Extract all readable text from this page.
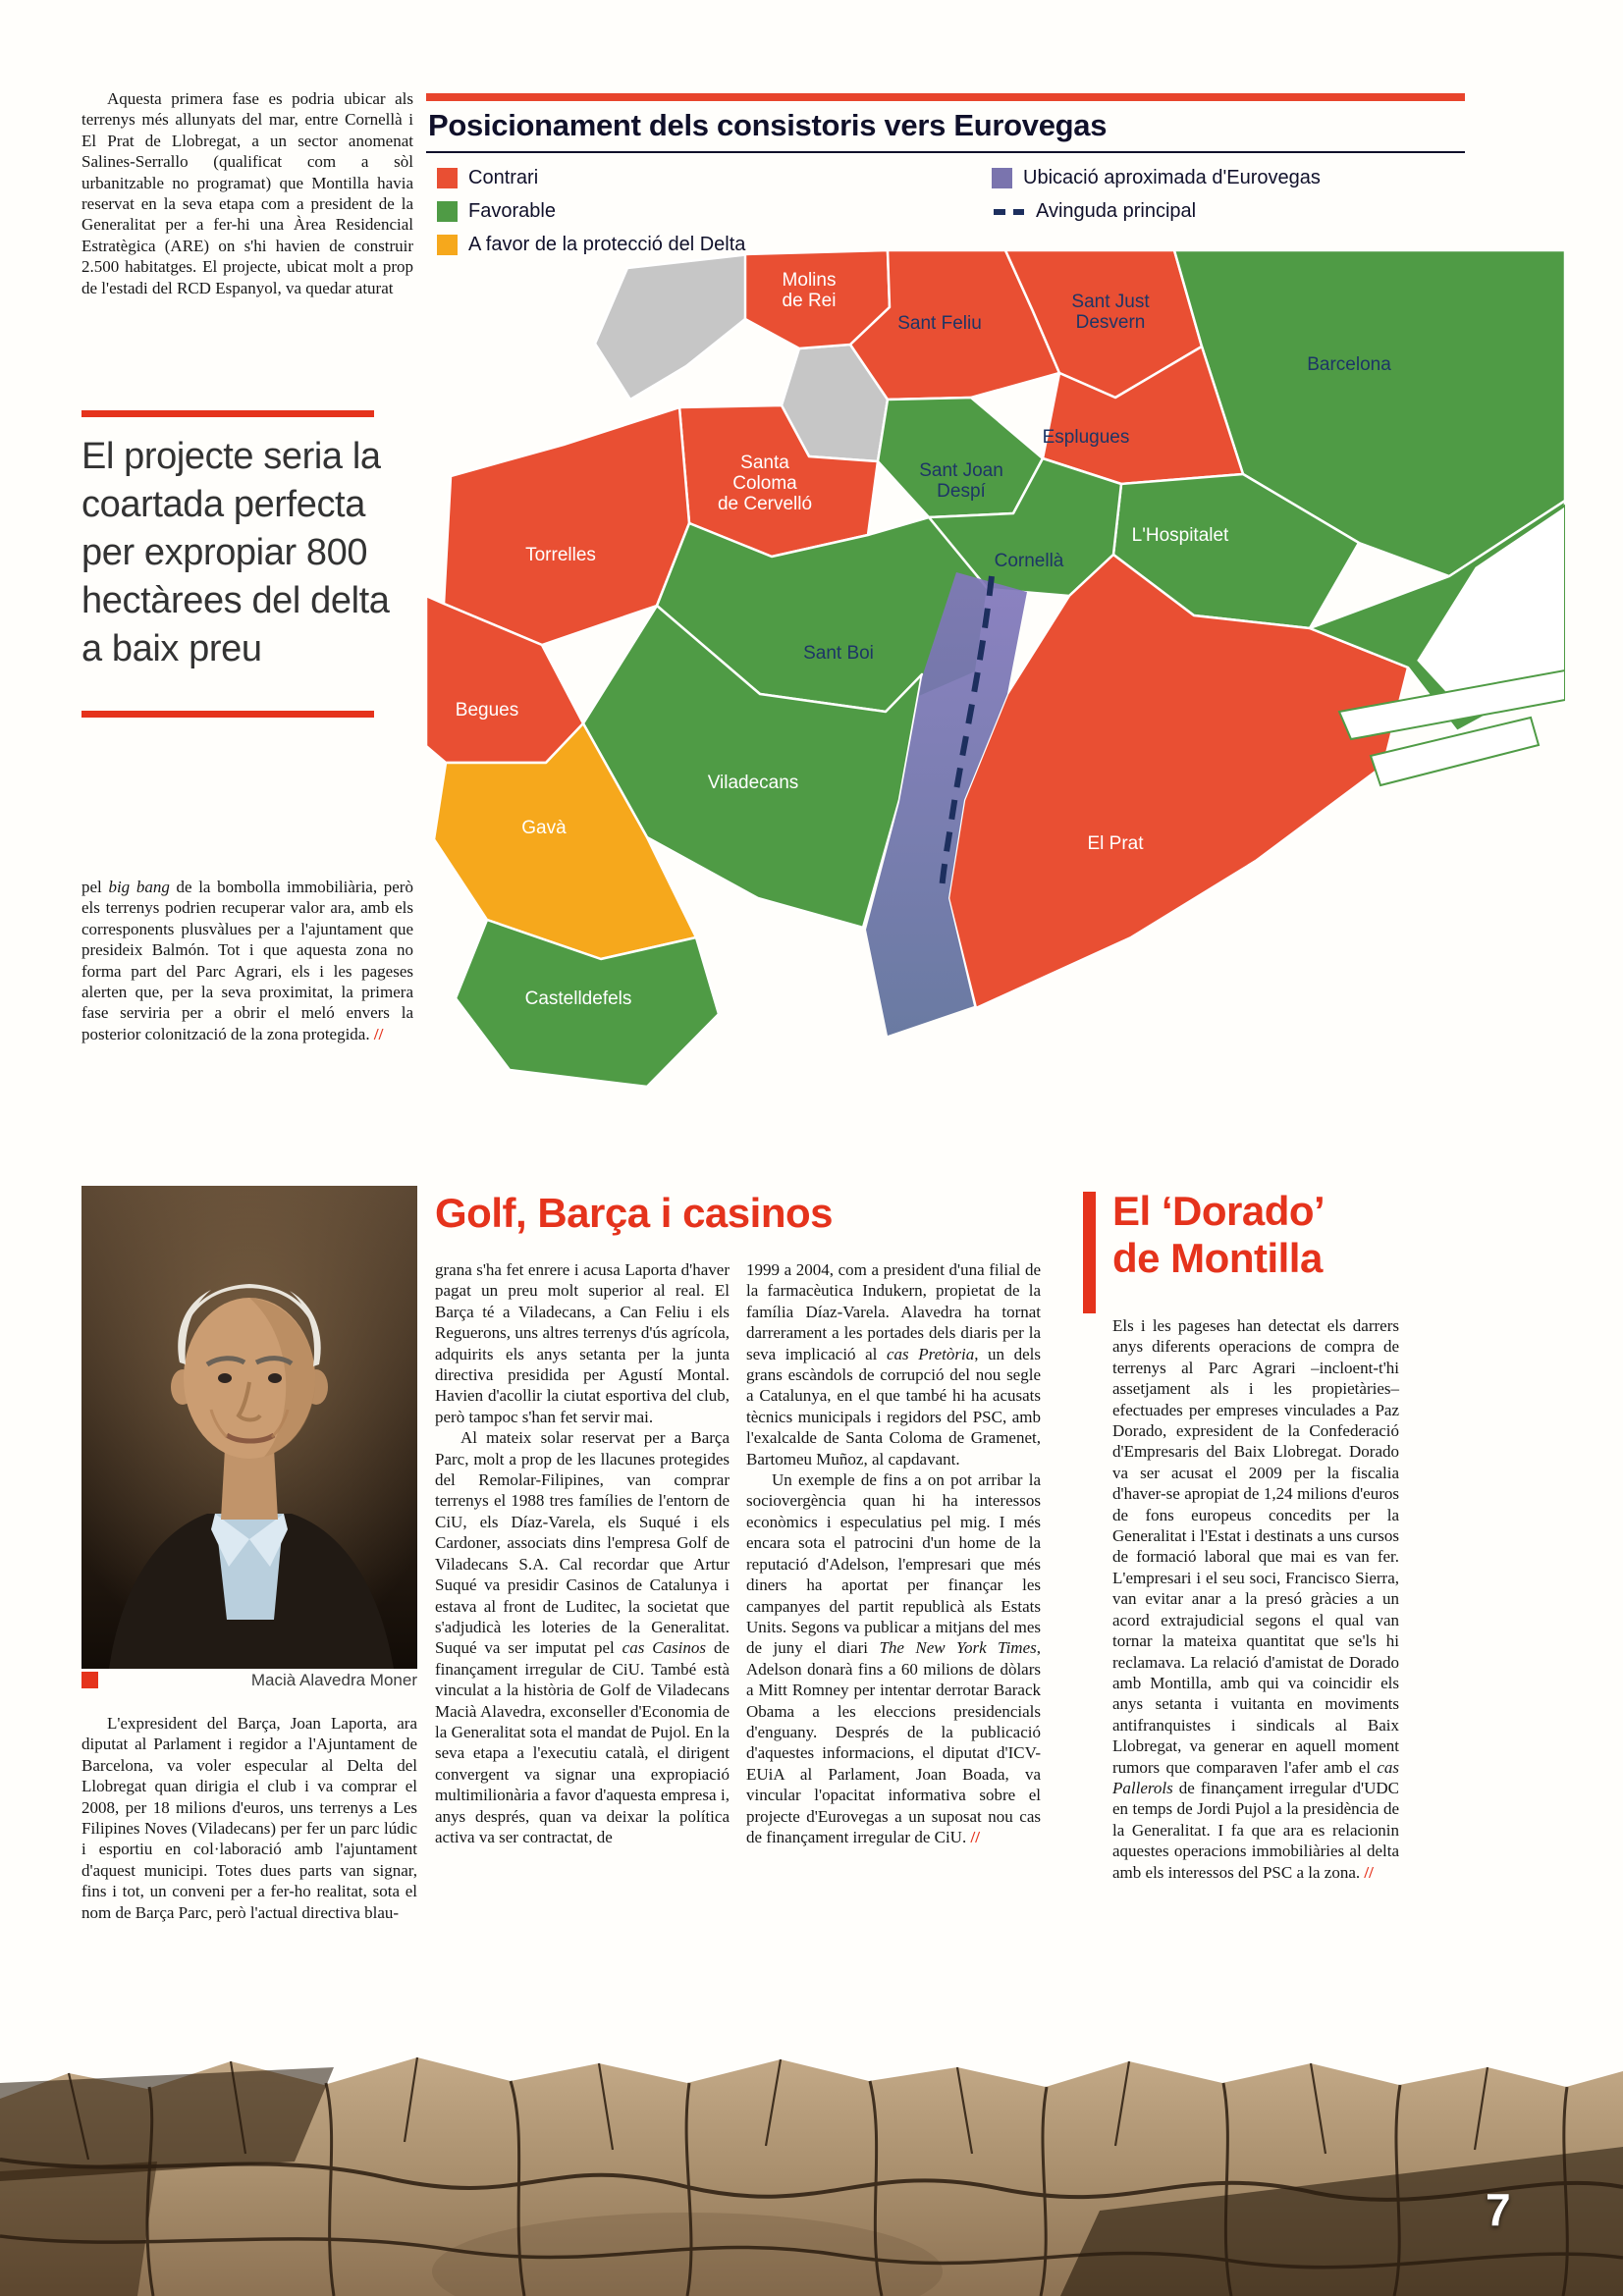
Aquesta primera fase es podria ubicar als terrenys més allunyats del mar, entre Cornellà i El Prat de Llobregat, a un sector anomenat Salines-Serrallo (qualificat com a sòl urbanitzable no programat) que Montilla havia reservat en la seva etapa com a president de la Generalitat per a fer-hi una Àrea Residencial Estratègica (ARE) on s'hi havien de construir 2.500 habitatges. El projecte, ubicat molt a prop de l'estadi del RCD Espanyol, va quedar aturat

El projecte seria la coartada perfecta per expropiar 800 hectàrees del delta a baix preu

pel big bang de la bombolla immobiliària, però els terrenys podrien recuperar valor ara, amb els corresponents plusvàlues per a l'ajuntament que presideix Balmón. Tot i que aquesta zona no forma part del Parc Agrari, els i les pageses alerten que, per la seva proximitat, la primera fase serviria per a obrir el meló envers la posterior colonització de la zona protegida. //

Posicionament dels consistoris vers Eurovegas
Contrari
Favorable
A favor de la protecció del Delta
Ubicació aproximada d'Eurovegas
Avinguda principal
Molins de Rei
Sant Feliu
Sant Just Desvern
Barcelona
Esplugues
Santa Coloma de Cervelló
Sant Joan Despí
L'Hospitalet
Cornellà
Torrelles
Sant Boi
Begues
Viladecans
Gavà
El Prat
Castelldefels
Macià Alavedra Moner

L'expresident del Barça, Joan Laporta, ara diputat al Parlament i regidor a l'Ajuntament de Barcelona, va voler especular al Delta del Llobregat quan dirigia el club i va comprar el 2008, per 18 milions d'euros, uns terrenys a Les Filipines Noves (Viladecans) per fer un parc lúdic i esportiu en col·laboració amb l'ajuntament d'aquest municipi. Totes dues parts van signar, fins i tot, un conveni per a fer-ho realitat, sota el nom de Barça Parc, però l'actual directiva blau-

Golf, Barça i casinos

grana s'ha fet enrere i acusa Laporta d'haver pagat un preu molt superior al real. El Barça té a Viladecans, a Can Feliu i els Reguerons, uns altres terrenys d'ús agrícola, adquirits els anys setanta per la junta directiva presidida per Agustí Montal. Havien d'acollir la ciutat esportiva del club, però tampoc s'han fet servir mai.

Al mateix solar reservat per a Barça Parc, molt a prop de les llacunes protegides del Remolar-Filipines, van comprar terrenys el 1988 tres famílies de l'entorn de CiU, els Díaz-Varela, els Suqué i els Cardoner, associats dins l'empresa Golf de Viladecans S.A. Cal recordar que Artur Suqué va presidir Casinos de Catalunya i estava al front de Luditec, la societat que s'adjudicà les loteries de la Generalitat. Suqué va ser imputat pel cas Casinos de finançament irregular de CiU. També està vinculat a la història de Golf de Viladecans Macià Alavedra, exconseller d'Economia de la Generalitat sota el mandat de Pujol. En la seva etapa a l'executiu català, el dirigent convergent va signar una expropiació multimilionària a favor d'aquesta empresa i, anys després, quan va deixar la política activa va ser contractat, de

1999 a 2004, com a president d'una filial de la farmacèutica Indukern, propietat de la família Díaz-Varela. Alavedra ha tornat darrerament a les portades dels diaris per la seva implicació al cas Pretòria, un dels grans escàndols de corrupció del nou segle a Catalunya, en el que també hi ha acusats tècnics municipals i regidors del PSC, amb l'exalcalde de Santa Coloma de Gramenet, Bartomeu Muñoz, al capdavant.

Un exemple de fins a on pot arribar la sociovergència quan hi ha interessos econòmics i especulatius pel mig. I més encara sota el patrocini d'un home de la reputació d'Adelson, l'empresari que més diners ha aportat per finançar les campanyes del partit republicà als Estats Units. Segons va publicar a mitjans del mes de juny el diari The New York Times, Adelson donarà fins a 60 milions de dòlars a Mitt Romney per intentar derrotar Barack Obama a les eleccions presidencials d'enguany. Després de la publicació d'aquestes informacions, el diputat d'ICV-EUiA al Parlament, Joan Boada, va vincular l'opacitat informativa sobre el projecte d'Eurovegas a un suposat nou cas de finançament irregular de CiU. //

El ‘Dorado’
de Montilla

Els i les pageses han detectat els darrers anys diferents operacions de compra de terrenys al Parc Agrari –incloent-t'hi assetjament als i les propietàries– efectuades per empreses vinculades a Paz Dorado, expresident de la Confederació d'Empresaris del Baix Llobregat. Dorado va ser acusat el 2009 per la fiscalia d'haver-se apropiat de 1,24 milions d'euros de fons europeus concedits per la Generalitat i l'Estat i destinats a uns cursos de formació laboral que mai es van fer. L'empresari i el seu soci, Francisco Sierra, van evitar anar a la presó gràcies a un acord extrajudicial segons el qual van tornar la mateixa quantitat que se'ls hi reclamava. La relació d'amistat de Dorado amb Montilla, amb qui va coincidir els anys setanta i vuitanta en moviments antifranquistes i sindicals al Baix Llobregat, va generar en aquell moment rumors que comparaven l'afer amb el cas Pallerols de finançament irregular d'UDC en temps de Jordi Pujol a la presidència de la Generalitat. I fa que ara es relacionin aquestes operacions immobiliàries al delta amb els interessos del PSC a la zona. //

7
